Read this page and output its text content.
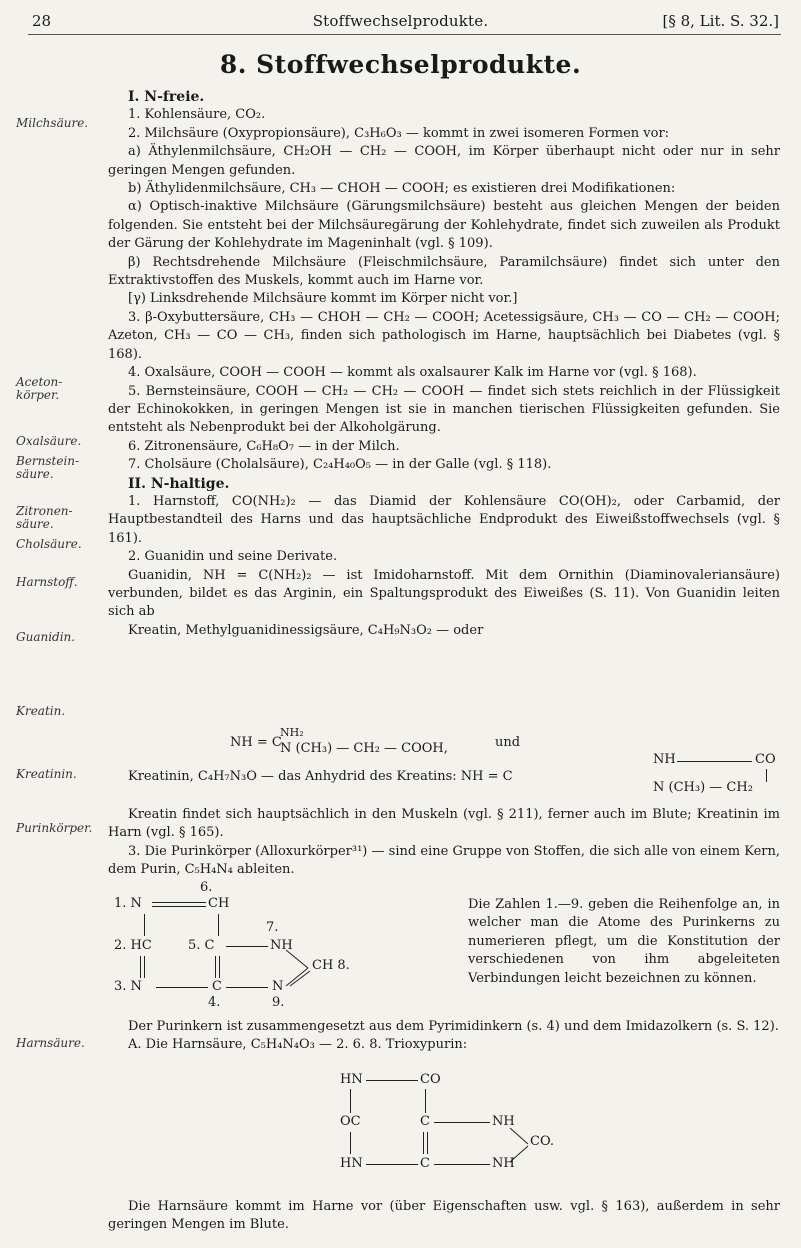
28	Stoffwechselprodukte.	[§ 8, Lit. S. 32.]
8. Stoffwechselprodukte.
Milchsäure.
Aceton-
körper.
Oxalsäure.
Bernstein-
säure.
Zitronen-
säure.
Cholsäure.
Harnstoff.
Guanidin.
Kreatin.
Kreatinin.
Purinkörper.
Harnsäure.

I. N-freie.

1. Kohlensäure, CO₂.

2. Milchsäure (Oxypropionsäure), C₃H₆O₃ — kommt in zwei isomeren Formen vor:

a) Äthylenmilchsäure, CH₂OH — CH₂ — COOH, im Körper überhaupt nicht oder nur in sehr geringen Mengen gefunden.

b) Äthylidenmilchsäure, CH₃ — CHOH — COOH; es existieren drei Modifikationen:

α) Optisch-inaktive Milchsäure (Gärungsmilchsäure) besteht aus gleichen Mengen der beiden folgenden. Sie entsteht bei der Milchsäuregärung der Kohlehydrate, findet sich zuweilen als Produkt der Gärung der Kohlehydrate im Mageninhalt (vgl. § 109).

β) Rechtsdrehende Milchsäure (Fleischmilchsäure, Paramilchsäure) findet sich unter den Extraktivstoffen des Muskels, kommt auch im Harne vor.

[γ) Linksdrehende Milchsäure kommt im Körper nicht vor.]

3. β-Oxybuttersäure, CH₃ — CHOH — CH₂ — COOH; Acetessigsäure, CH₃ — CO — CH₂ — COOH; Azeton, CH₃ — CO — CH₃, finden sich pathologisch im Harne, hauptsächlich bei Diabetes (vgl. § 168).

4. Oxalsäure, COOH — COOH — kommt als oxalsaurer Kalk im Harne vor (vgl. § 168).

5. Bernsteinsäure, COOH — CH₂ — CH₂ — COOH — findet sich stets reichlich in der Flüssigkeit der Echinokokken, in geringen Mengen ist sie in manchen tierischen Flüssigkeiten gefunden. Sie entsteht als Nebenprodukt bei der Alkoholgärung.

6. Zitronensäure, C₆H₈O₇ — in der Milch.

7. Cholsäure (Cholalsäure), C₂₄H₄₀O₅ — in der Galle (vgl. § 118).

II. N-haltige.

1. Harnstoff, CO(NH₂)₂ — das Diamid der Kohlensäure CO(OH)₂, oder Carbamid, der Hauptbestandteil des Harns und das hauptsächliche Endprodukt des Eiweißstoffwechsels (vgl. § 161).

2. Guanidin und seine Derivate.

Guanidin, NH = C(NH₂)₂ — ist Imidoharnstoff. Mit dem Ornithin (Diaminovaleriansäure) verbunden, bildet es das Arginin, ein Spaltungsprodukt des Eiweißes (S. 11). Von Guanidin leiten sich ab

Kreatin, Methylguanidinessigsäure, C₄H₉N₃O₂ — oder

NH = C
NH₂
N (CH₃) — CH₂ — COOH,	und

Kreatinin, C₄H₇N₃O — das Anhydrid des Kreatins: NH = C

NH	CO
N (CH₃) — CH₂

Kreatin findet sich hauptsächlich in den Muskeln (vgl. § 211), ferner auch im Blute; Kreatinin im Harn (vgl. § 165).

3. Die Purinkörper (Alloxurkörper³¹) — sind eine Gruppe von Stoffen, die sich alle von einem Kern, dem Purin, C₅H₄N₄ ableiten.

6.
1. N	CH
7.
2. HC	5. C	NH
CH 8.
3. N	C	N
4.	9.
Die Zahlen 1.—9. geben die Reihenfolge an, in welcher man die Atome des Purinkerns zu numerieren pflegt, um die Konstitution der verschiedenen von ihm abgeleiteten Verbindungen leicht bezeichnen zu können.

Der Purinkern ist zusammengesetzt aus dem Pyrimidinkern (s. 4) und dem Imidazolkern (s. S. 12).

A. Die Harnsäure, C₅H₄N₄O₃ — 2. 6. 8. Trioxypurin:

HN	CO
OC	C	NH
CO.
HN	C	NH

Die Harnsäure kommt im Harne vor (über Eigenschaften usw. vgl. § 163), außerdem in sehr geringen Mengen im Blute.
